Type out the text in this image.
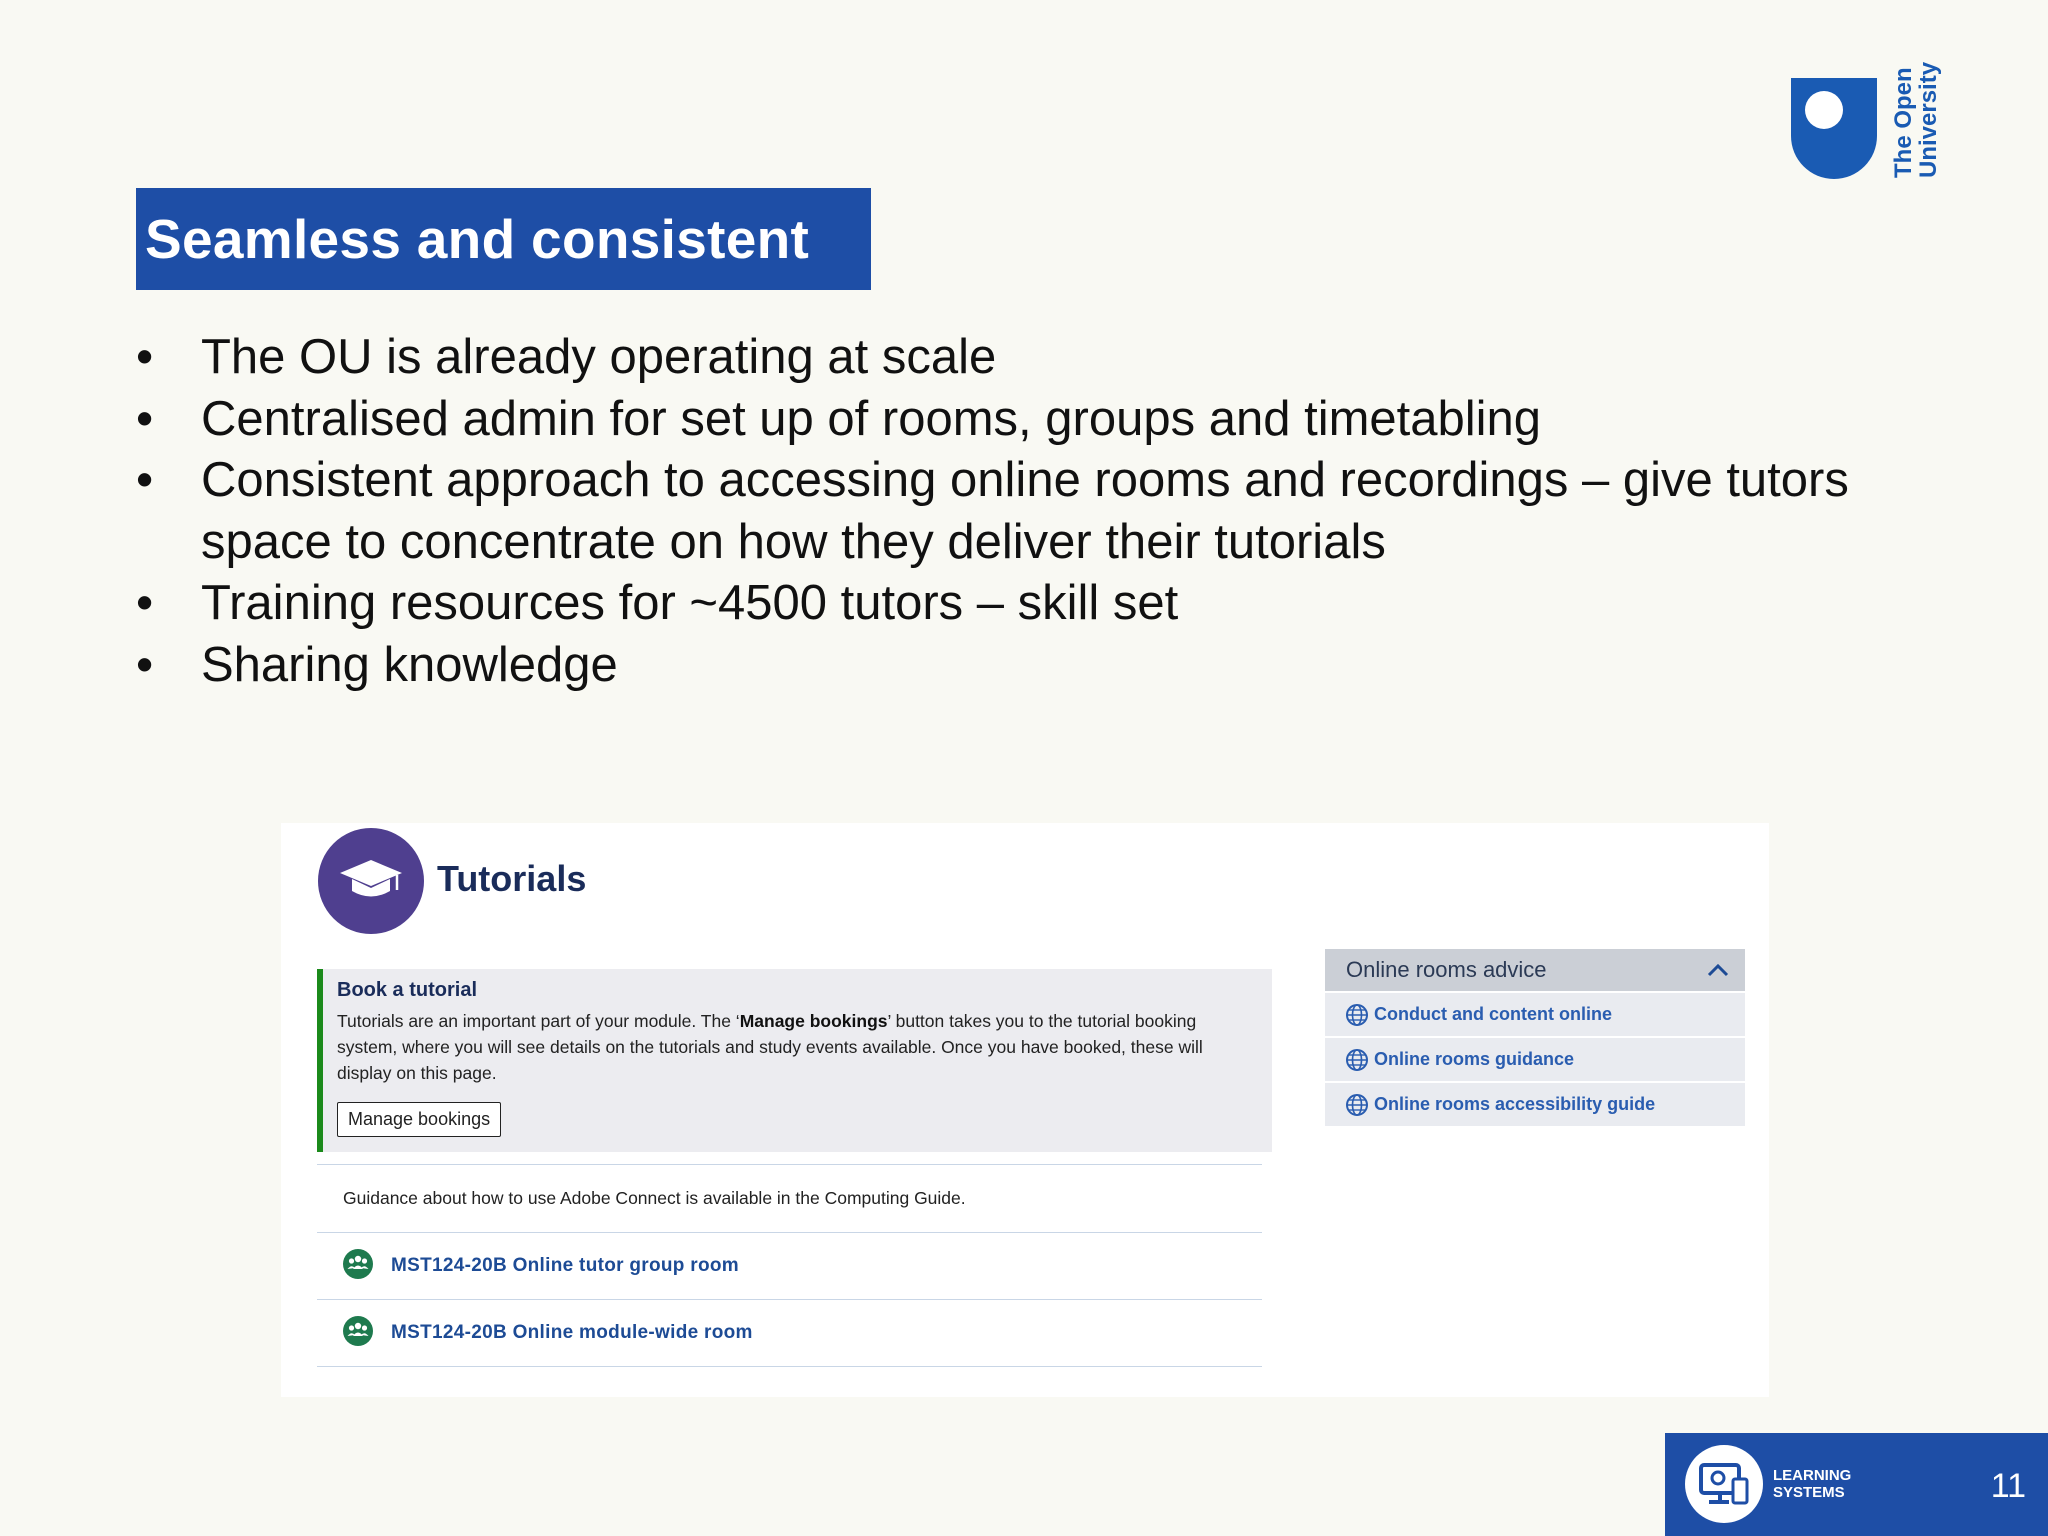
The Open
University
Seamless and consistent
• The OU is already operating at scale
• Centralised admin for set up of rooms, groups and timetabling
• Consistent approach to accessing online rooms and recordings – give tutors space to concentrate on how they deliver their tutorials
• Training resources for ~4500 tutors – skill set
• Sharing knowledge
Tutorials
Book a tutorial
Tutorials are an important part of your module. The ‘Manage bookings’ button takes you to the tutorial booking system, where you will see details on the tutorials and study events available. Once you have booked, these will display on this page.
Manage bookings
Guidance about how to use Adobe Connect is available in the Computing Guide.
MST124-20B Online tutor group room
MST124-20B Online module-wide room
Online rooms advice
Conduct and content online
Online rooms guidance
Online rooms accessibility guide
LEARNING
SYSTEMS	11
